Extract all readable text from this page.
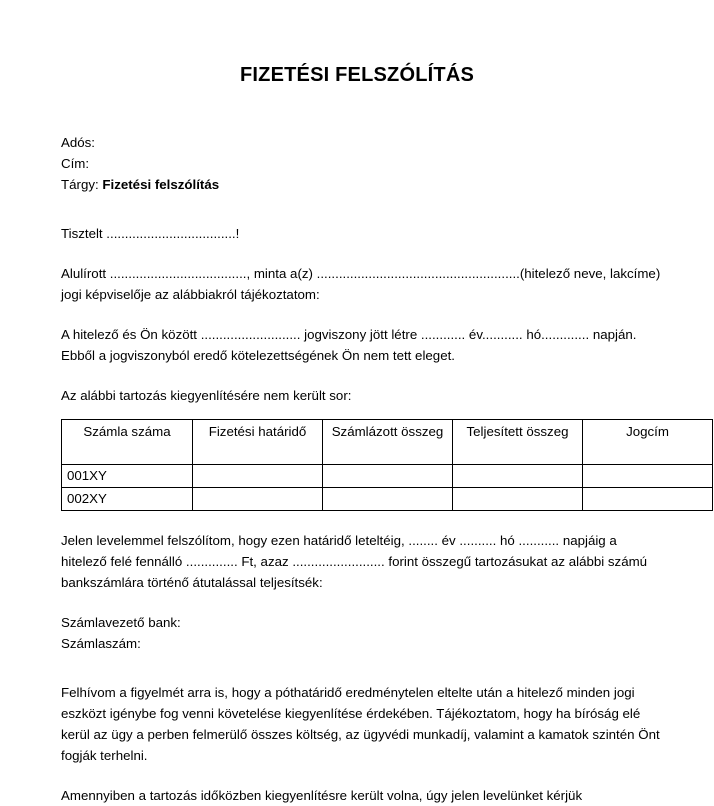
FIZETÉSI FELSZÓLÍTÁS
Adós:
Cím:
Tárgy: Fizetési felszólítás
Tisztelt ...................................!

Alulírott ....................................., minta a(z) .......................................................(hitelező neve, lakcíme) jogi képviselője az alábbiakról tájékoztatom:

A hitelező és Ön között ........................... jogviszony jött létre ............ év........... hó............. napján. Ebből a jogviszonyból eredő kötelezettségének Ön nem tett eleget.

Az alábbi tartozás kiegyenlítésére nem került sor:

Számla száma	Fizetési határidő	Számlázott összeg	Teljesített összeg	Jogcím
001XY				
002XY				

Jelen levelemmel felszólítom, hogy ezen határidő leteltéig, ........ év .......... hó ........... napjáig a hitelező felé fennálló .............. Ft, azaz ......................... forint összegű tartozásukat az alábbi számú bankszámlára történő átutalással teljesítsék:

Számlavezető bank:
Számlaszám:

Felhívom a figyelmét arra is, hogy a póthatáridő eredménytelen eltelte után a hitelező minden jogi eszközt igénybe fog venni követelése kiegyenlítése érdekében. Tájékoztatom, hogy ha bíróság elé kerül az ügy a perben felmerülő összes költség, az ügyvédi munkadíj, valamint a kamatok szintén Önt fogják terhelni.

Amennyiben a tartozás időközben kiegyenlítésre került volna, úgy jelen levelünket kérjük
